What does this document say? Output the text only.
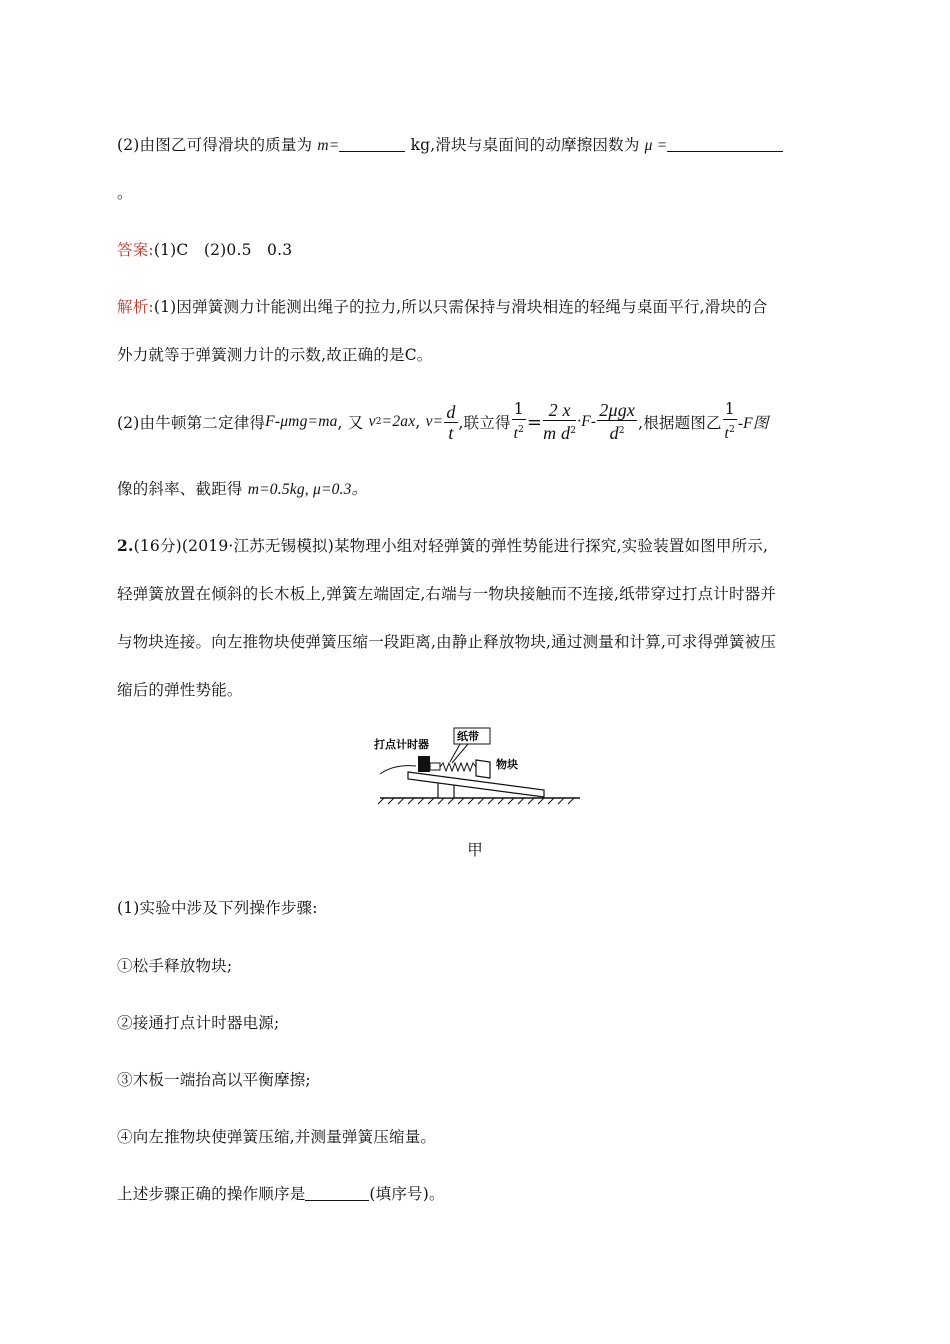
(2)由图乙可得滑块的质量为 m=	kg,滑块与桌面间的动摩擦因数为 μ =
。
答案:(1)C   (2)0.5   0.3
解析:(1)因弹簧测力计能测出绳子的拉力,所以只需保持与滑块相连的轻绳与桌面平行,滑块的合
外力就等于弹簧测力计的示数,故正确的是C。
(2)由牛顿第二定律得 F -μmg=ma , 又 v 2 =2ax , $v= \frac{d}{t}$ ,联立得 $\frac{1}{t^2} = \frac{2 x}{m d^2} \cdot F- \frac{\text{2μgx}}{d^2}$ ,根据题图乙 $\frac{1}{t^2} -F$图
像的斜率、截距得 m=0.5kg, μ=0.3。
2.(16分)(2019·江苏无锡模拟)某物理小组对轻弹簧的弹性势能进行探究,实验装置如图甲所示,
轻弹簧放置在倾斜的长木板上,弹簧左端固定,右端与一物块接触而不连接,纸带穿过打点计时器并
与物块连接。向左推物块使弹簧压缩一段距离,由静止释放物块,通过测量和计算,可求得弹簧被压
缩后的弹性势能。
打点计时器
纸带
物块
甲
(1)实验中涉及下列操作步骤:
①松手释放物块;
②接通打点计时器电源;
③木板一端抬高以平衡摩擦;
④向左推物块使弹簧压缩,并测量弹簧压缩量。
上述步骤正确的操作顺序是	(填序号)。
